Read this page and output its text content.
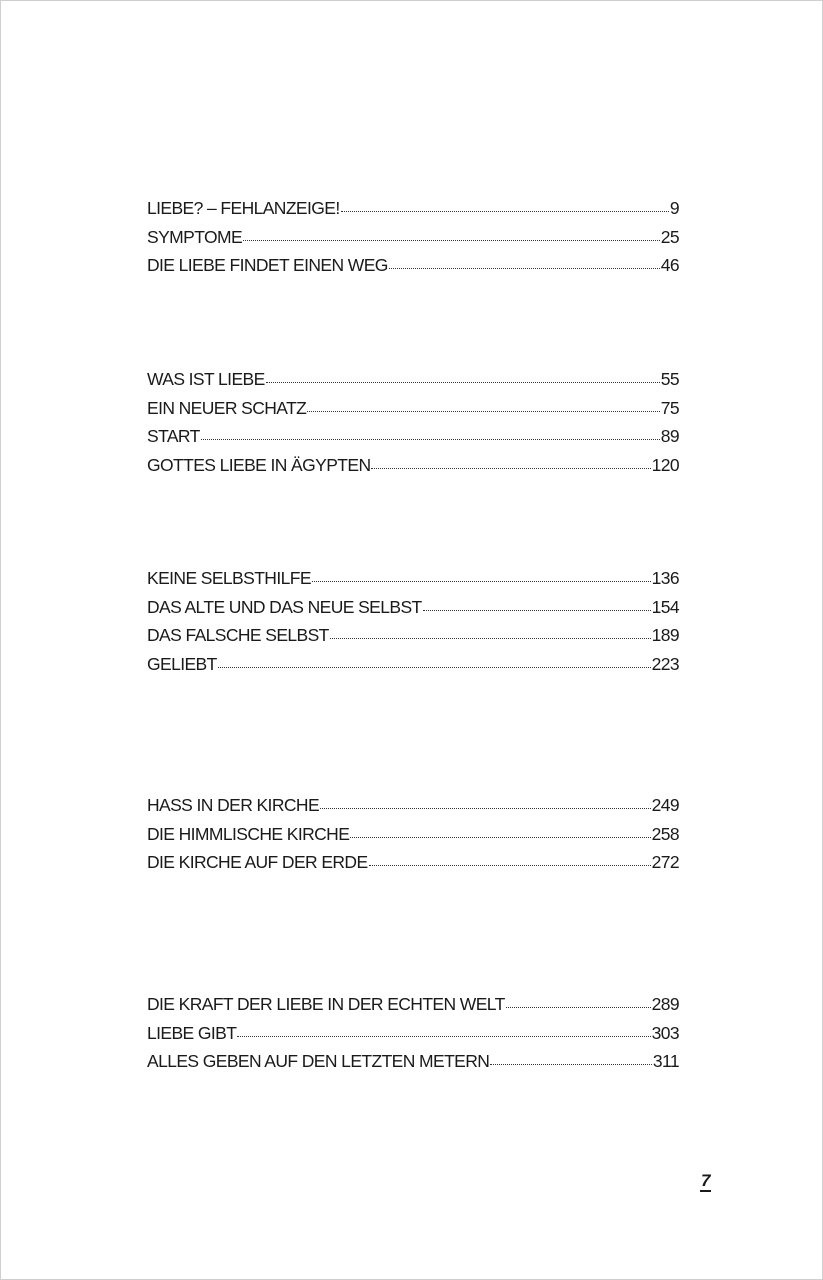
LIEBE? – FEHLANZEIGE!	9
SYMPTOME	25
DIE LIEBE FINDET EINEN WEG	46
WAS IST LIEBE	55
EIN NEUER SCHATZ	75
START	89
GOTTES LIEBE IN ÄGYPTEN	120
KEINE SELBSTHILFE	136
DAS ALTE UND DAS NEUE SELBST	154
DAS FALSCHE SELBST	189
GELIEBT	223
HASS IN DER KIRCHE	249
DIE HIMMLISCHE KIRCHE	258
DIE KIRCHE AUF DER ERDE	272
DIE KRAFT DER LIEBE IN DER ECHTEN WELT	289
LIEBE GIBT	303
ALLES GEBEN AUF DEN LETZTEN METERN	311
7
